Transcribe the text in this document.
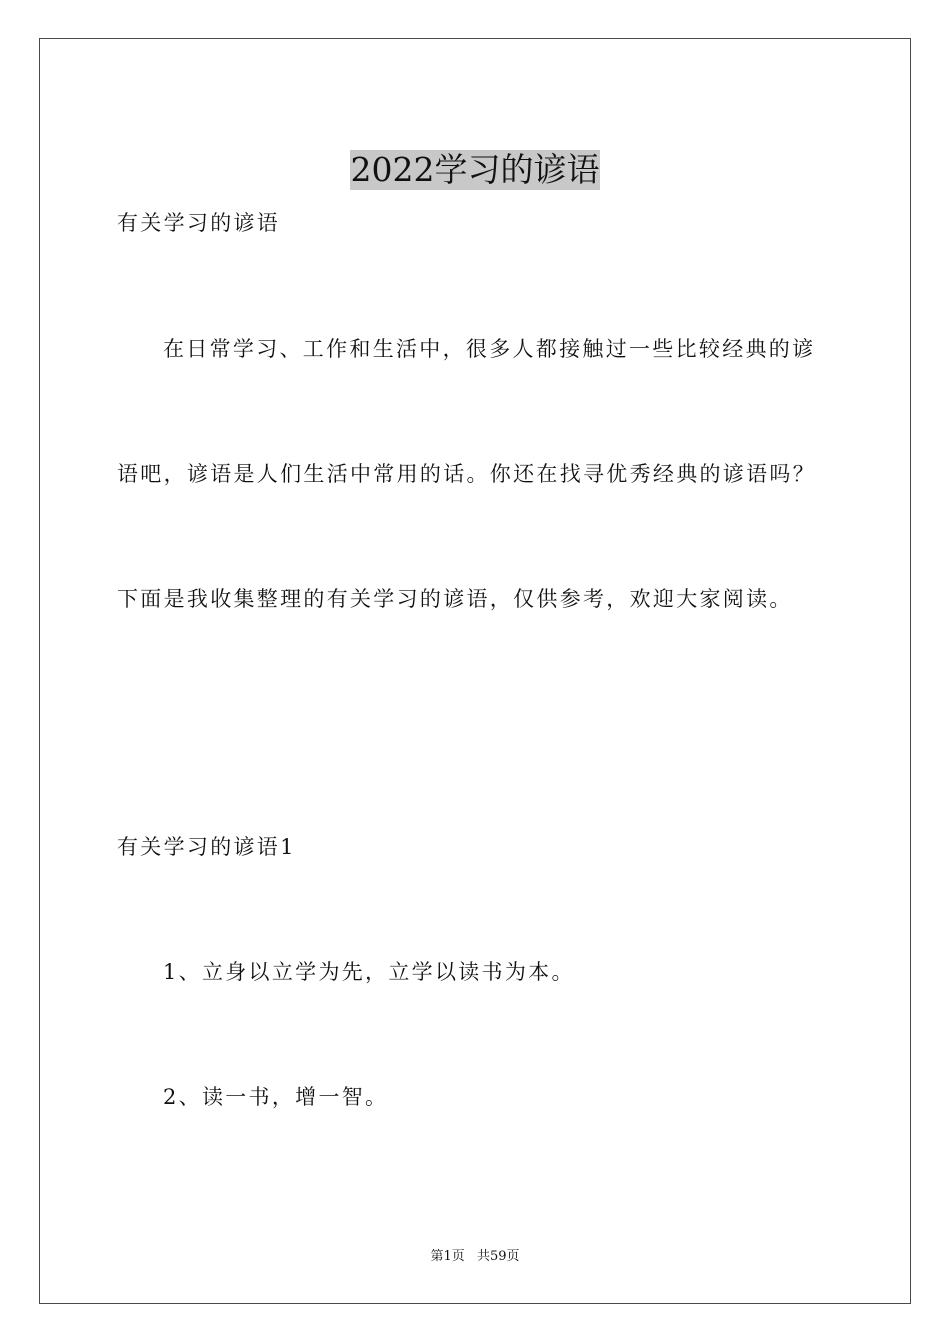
2022学习的谚语
有关学习的谚语
在日常学习、工作和生活中，很多人都接触过一些比较经典的谚
语吧，谚语是人们生活中常用的话。你还在找寻优秀经典的谚语吗？
下面是我收集整理的有关学习的谚语，仅供参考，欢迎大家阅读。
有关学习的谚语1
1、立身以立学为先，立学以读书为本。
2、读一书，增一智。
第1页 共59页
